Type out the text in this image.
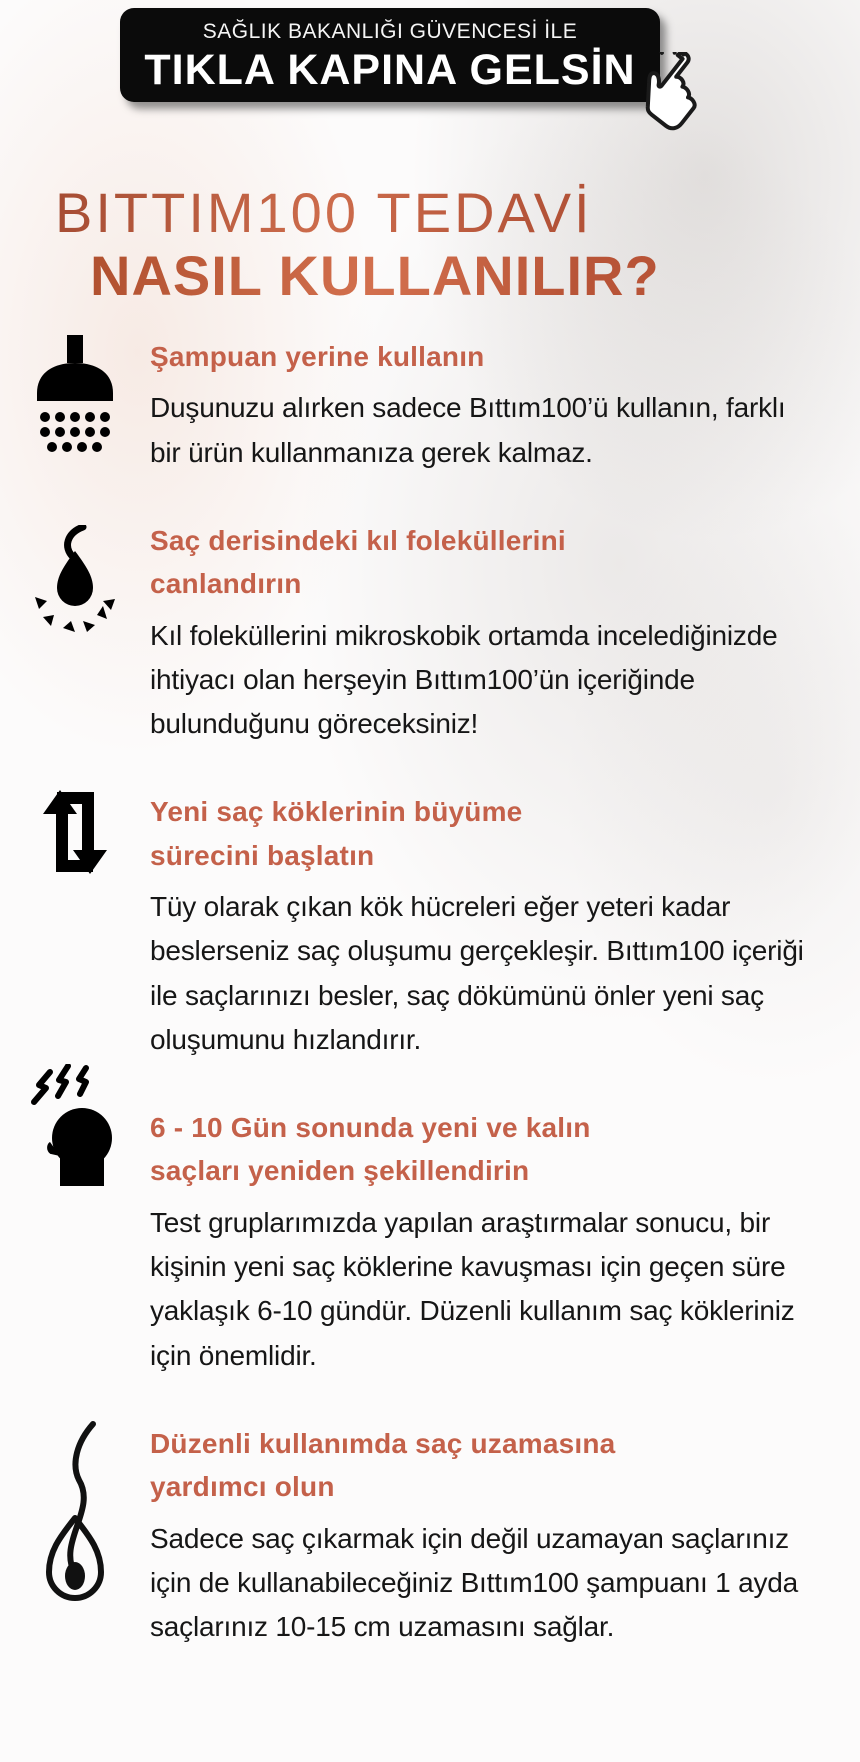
SAĞLIK BAKANLIĞI GÜVENCESİ İLE
TIKLA KAPINA GELSİN
BITTIM100 TEDAVİ
NASIL KULLANILIR?
Şampuan yerine kullanın
Duşunuzu alırken sadece Bıttım100’ü kullanın, farklı bir ürün kullanmanıza gerek kalmaz.
Saç derisindeki kıl foleküllerini canlandırın
Kıl foleküllerini mikroskobik ortamda incelediğinizde ihtiyacı olan herşeyin Bıttım100’ün içeriğinde bulunduğunu göreceksiniz!
Yeni saç köklerinin büyüme sürecini başlatın
Tüy olarak çıkan kök hücreleri eğer yeteri kadar beslerseniz saç oluşumu gerçekleşir. Bıttım100 içeriği ile saçlarınızı besler, saç dökümünü önler yeni saç oluşumunu hızlandırır.
6 - 10 Gün sonunda yeni ve kalın saçları yeniden şekillendirin
Test gruplarımızda yapılan araştırmalar sonucu, bir kişinin yeni saç köklerine kavuşması için geçen süre yaklaşık 6-10 gündür. Düzenli kullanım saç kökleriniz için önemlidir.
Düzenli kullanımda saç uzamasına yardımcı olun
Sadece saç çıkarmak için değil uzamayan saçlarınız için de kullanabileceğiniz Bıttım100 şampuanı 1 ayda saçlarınız 10-15 cm uzamasını sağlar.
